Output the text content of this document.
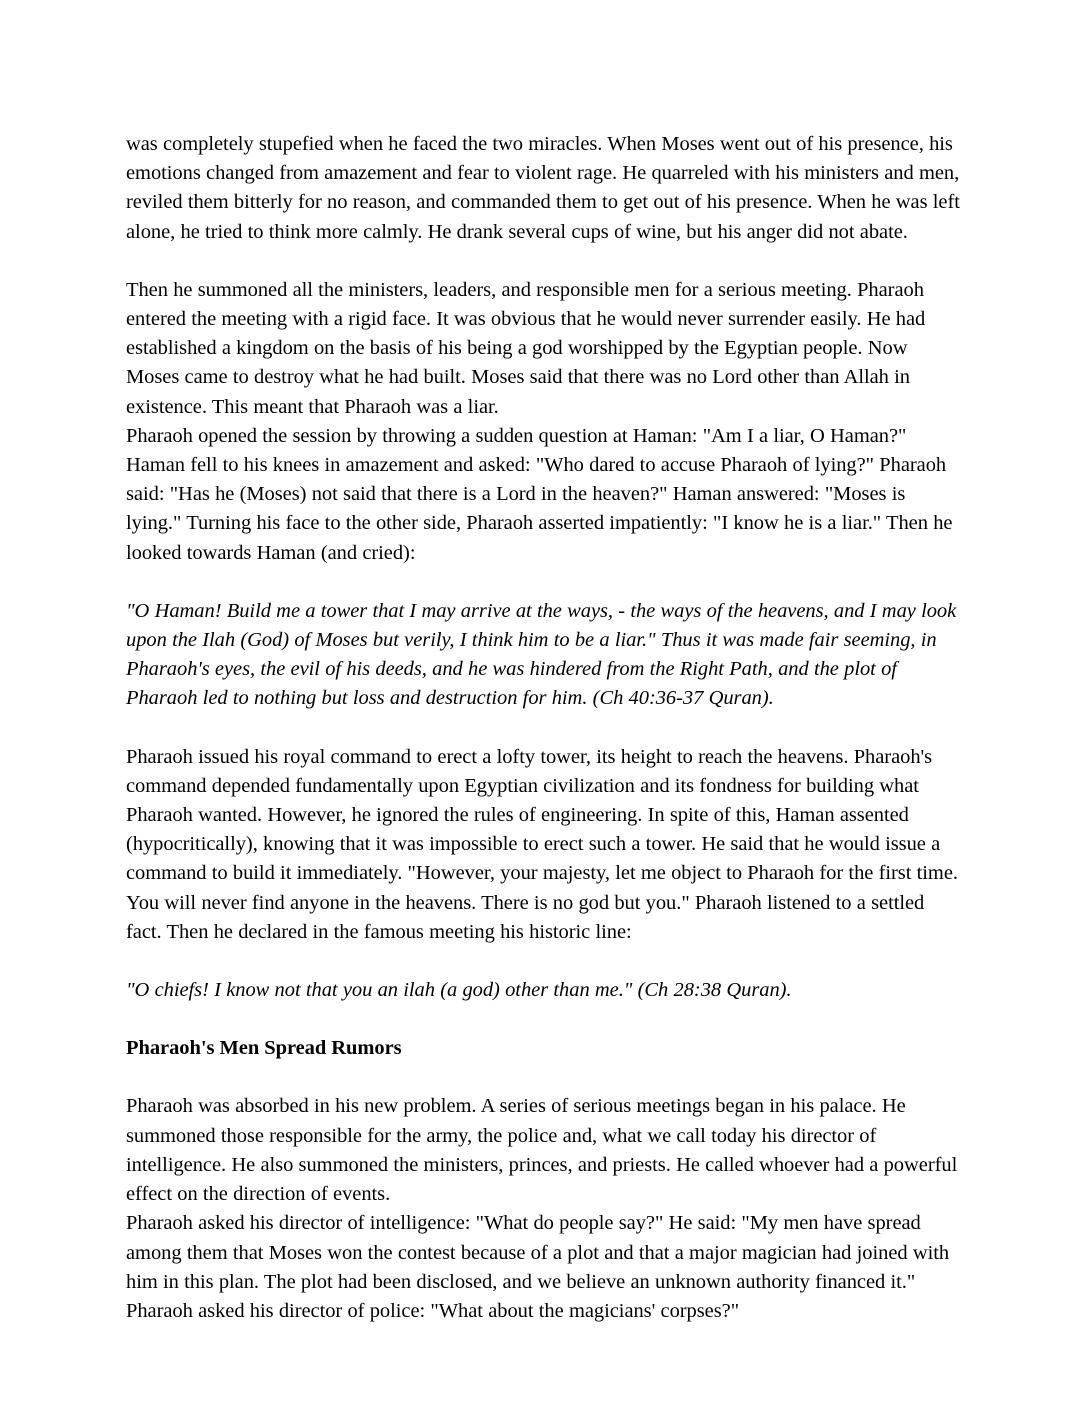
was completely stupefied when he faced the two miracles. When Moses went out of his presence, his emotions changed from amazement and fear to violent rage. He quarreled with his ministers and men, reviled them bitterly for no reason, and commanded them to get out of his presence. When he was left alone, he tried to think more calmly. He drank several cups of wine, but his anger did not abate.

Then he summoned all the ministers, leaders, and responsible men for a serious meeting. Pharaoh entered the meeting with a rigid face. It was obvious that he would never surrender easily. He had established a kingdom on the basis of his being a god worshipped by the Egyptian people. Now Moses came to destroy what he had built. Moses said that there was no Lord other than Allah in existence. This meant that Pharaoh was a liar.

Pharaoh opened the session by throwing a sudden question at Haman: "Am I a liar, O Haman?" Haman fell to his knees in amazement and asked: "Who dared to accuse Pharaoh of lying?" Pharaoh said: "Has he (Moses) not said that there is a Lord in the heaven?" Haman answered: "Moses is lying." Turning his face to the other side, Pharaoh asserted impatiently: "I know he is a liar." Then he looked towards Haman (and cried):

"O Haman! Build me a tower that I may arrive at the ways, - the ways of the heavens, and I may look upon the Ilah (God) of Moses but verily, I think him to be a liar." Thus it was made fair seeming, in Pharaoh's eyes, the evil of his deeds, and he was hindered from the Right Path, and the plot of Pharaoh led to nothing but loss and destruction for him. (Ch 40:36-37 Quran).

Pharaoh issued his royal command to erect a lofty tower, its height to reach the heavens. Pharaoh's command depended fundamentally upon Egyptian civilization and its fondness for building what Pharaoh wanted. However, he ignored the rules of engineering. In spite of this, Haman assented (hypocritically), knowing that it was impossible to erect such a tower. He said that he would issue a command to build it immediately. "However, your majesty, let me object to Pharaoh for the first time. You will never find anyone in the heavens. There is no god but you." Pharaoh listened to a settled fact. Then he declared in the famous meeting his historic line:

"O chiefs! I know not that you an ilah (a god) other than me." (Ch 28:38 Quran).

Pharaoh's Men Spread Rumors

Pharaoh was absorbed in his new problem. A series of serious meetings began in his palace. He summoned those responsible for the army, the police and, what we call today his director of intelligence. He also summoned the ministers, princes, and priests. He called whoever had a powerful effect on the direction of events.

Pharaoh asked his director of intelligence: "What do people say?" He said: "My men have spread among them that Moses won the contest because of a plot and that a major magician had joined with him in this plan. The plot had been disclosed, and we believe an unknown authority financed it." Pharaoh asked his director of police: "What about the magicians' corpses?"
